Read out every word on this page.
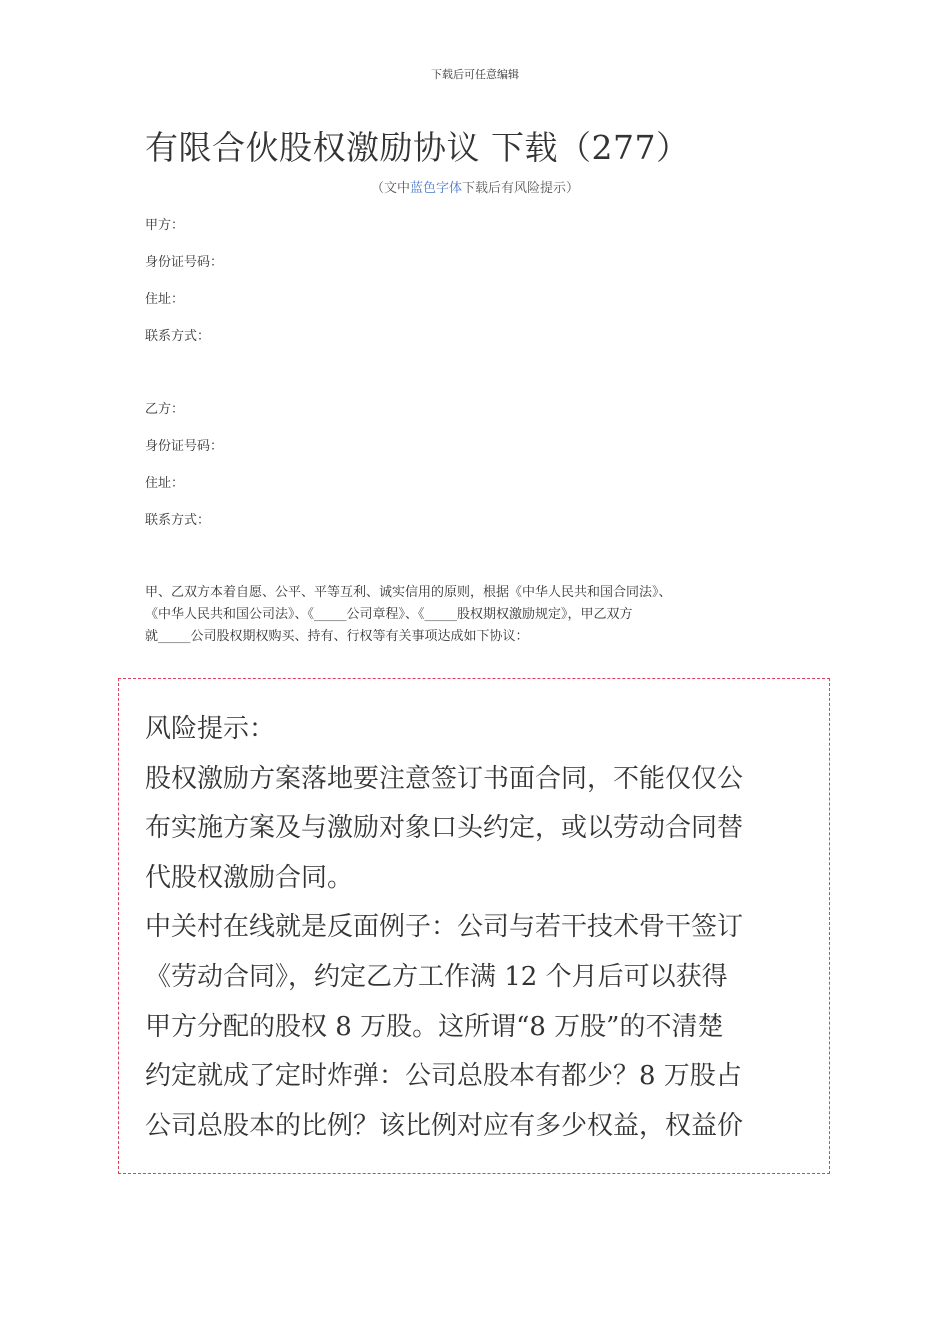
下载后可任意编辑
有限合伙股权激励协议 下载（277）
（文中蓝色字体下载后有风险提示）
甲方：
身份证号码：
住址：
联系方式：
乙方：
身份证号码：
住址：
联系方式：
甲、乙双方本着自愿、公平、平等互利、诚实信用的原则，根据《中华人民共和国合同法》、
《中华人民共和国公司法》、《_____公司章程》、《_____股权期权激励规定》，甲乙双方
就_____公司股权期权购买、持有、行权等有关事项达成如下协议：
风险提示：
股权激励方案落地要注意签订书面合同，不能仅仅公
布实施方案及与激励对象口头约定，或以劳动合同替
代股权激励合同。
中关村在线就是反面例子：公司与若干技术骨干签订
《劳动合同》，约定乙方工作满 12 个月后可以获得
甲方分配的股权 8 万股。这所谓“8 万股”的不清楚
约定就成了定时炸弹：公司总股本有都少？8 万股占
公司总股本的比例？该比例对应有多少权益，权益价
